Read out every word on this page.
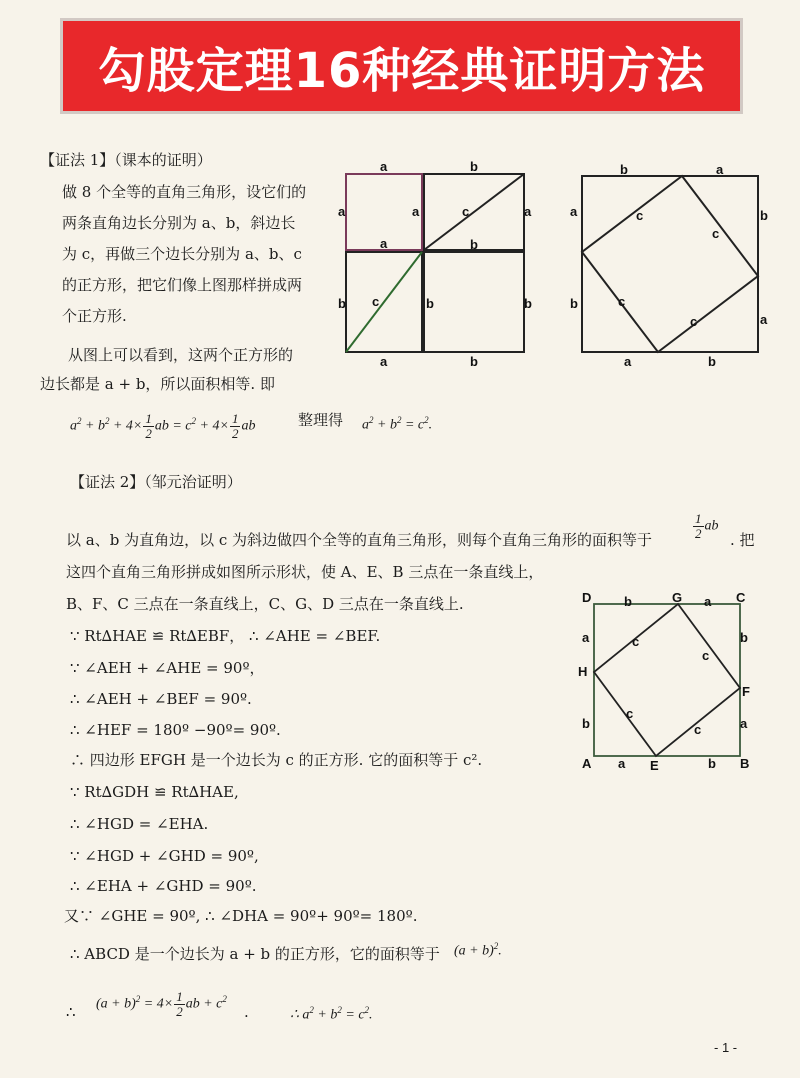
勾股定理16种经典证明方法
【证法 1】（课本的证明）
做 8 个全等的直角三角形，设它们的
两条直角边长分别为 a、b，斜边长
为 c，再做三个边长分别为 a、b、c
的正方形，把它们像上图那样拼成两
个正方形.
从图上可以看到，这两个正方形的
边长都是 a + b，所以面积相等. 即
$a^2 + b^2 + 4\times \frac{1}{2}$ ab = $c^2 + 4\times \frac{1}{2}$ ab	整理得 $a^2 + b^2 = c^2$.
a	b
a	a
a
c	a
b
b c	b	b
a	b
b	a
a	c
c
b
b	c
c	a
a	b
【证法 2】（邹元治证明）
以 a、b 为直角边，以 c 为斜边做四个全等的直角三角形，则每个直角三角形的面积等于	$\frac{1}{2}$ ab
. 把
这四个直角三角形拼成如图所示形状，使 A、E、B 三点在一条直线上，
B、F、C 三点在一条直线上，C、G、D 三点在一条直线上.
∵ Rt∆HAE ≌ Rt∆EBF， ∴ ∠AHE = ∠BEF.
∵ ∠AEH + ∠AHE = 90º，
∴ ∠AEH + ∠BEF = 90º.
∴ ∠HEF = 180º −90º= 90º.
∴ 四边形 EFGH 是一个边长为 c 的正方形. 它的面积等于 c².
∵ Rt∆GDH ≌ Rt∆HAE,
∴ ∠HGD = ∠EHA.
∵ ∠HGD + ∠GHD = 90º,
∴ ∠EHA + ∠GHD = 90º.
又∵ ∠GHE = 90º, ∴ ∠DHA = 90º+ 90º= 180º.
∴ ABCD 是一个边长为 a + b 的正方形，它的面积等于 $(a + b)^2$.
∴ $(a + b)^2 = 4\times \frac{1}{2}$ ab + $c^2$
.	∴ $a^2 + b^2 = c^2$.
D	G	C
H
F
A	E	B
b	a
a	c
c
b
b
c
c	a
a	b
- 1 -
